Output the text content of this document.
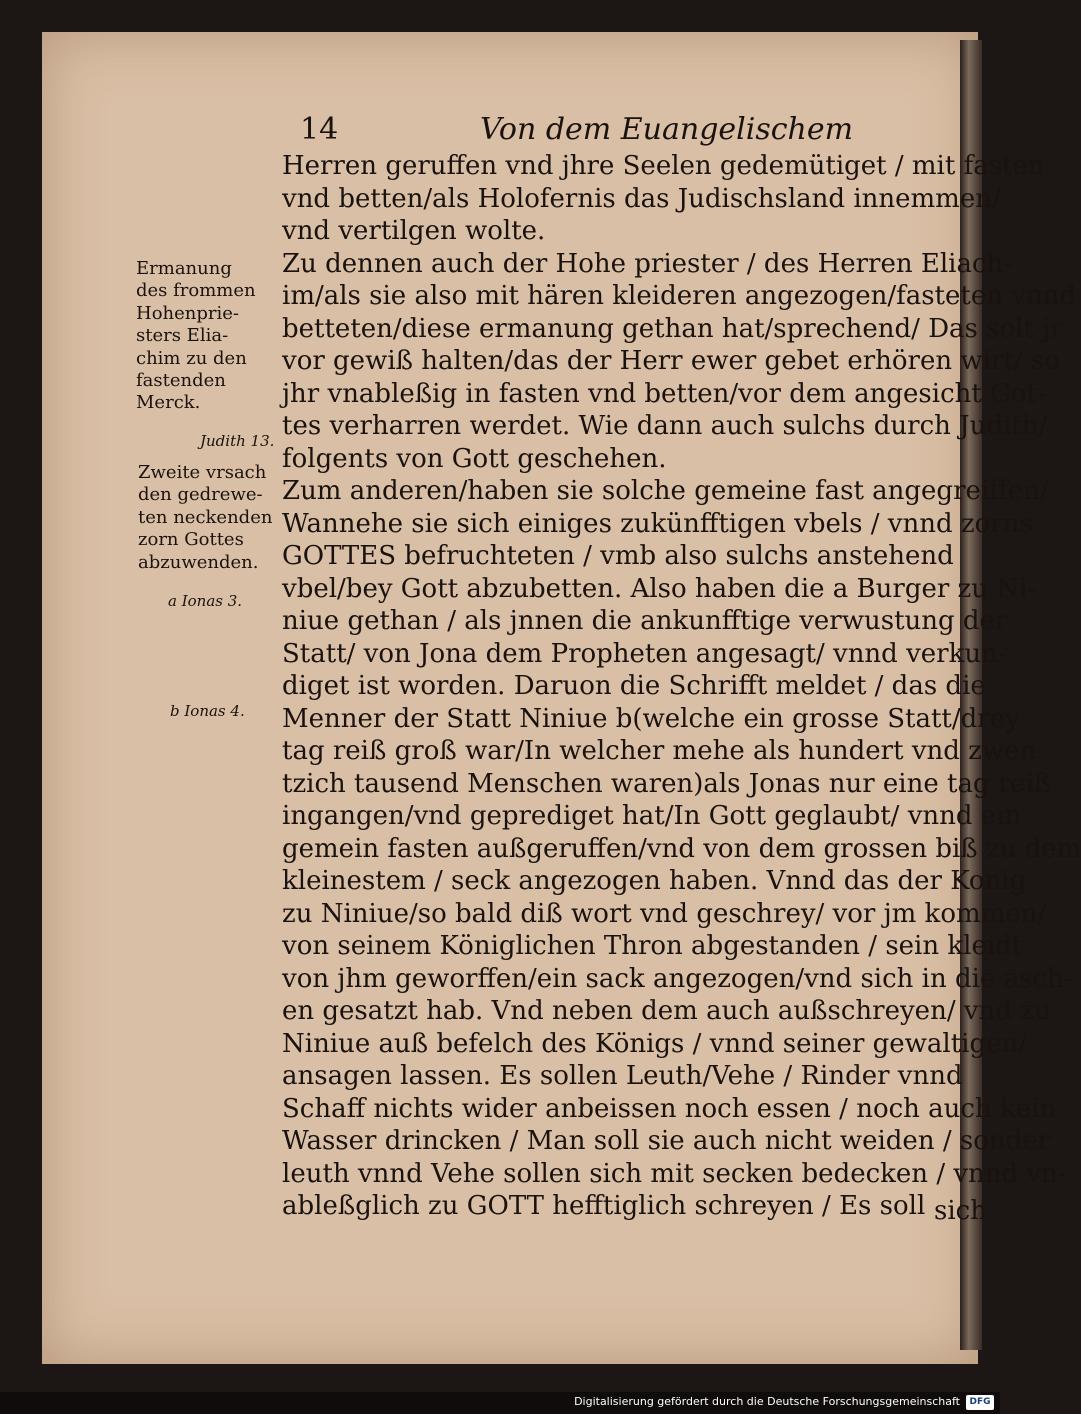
14	Von dem Euangelischem
Herren geruffen vnd jhre Seelen gedemütiget / mit fasten
vnd betten/als Holofernis das Judischsland innemmen/
vnd vertilgen wolte.
Zu dennen auch der Hohe priester / des Herren Eliach-
im/als sie also mit hären kleideren angezogen/fasteten vnnd
betteten/diese ermanung gethan hat/sprechend/ Das solt jr
vor gewiß halten/das der Herr ewer gebet erhören wirt/ so
jhr vnableßig in fasten vnd betten/vor dem angesicht Got-
tes verharren werdet. Wie dann auch sulchs durch Judith/
folgents von Gott geschehen.
Zum anderen/haben sie solche gemeine fast angegreiffen/
Wannehe sie sich einiges zukünfftigen vbels / vnnd zorns
GOTTES befruchteten / vmb also sulchs anstehend
vbel/bey Gott abzubetten. Also haben die a Burger zu Ni-
niue gethan / als jnnen die ankunfftige verwustung der
Statt/ von Jona dem Propheten angesagt/ vnnd verkun-
diget ist worden. Daruon die Schrifft meldet / das die
Menner der Statt Niniue b(welche ein grosse Statt/drey
tag reiß groß war/In welcher mehe als hundert vnd zwen-
tzich tausend Menschen waren)als Jonas nur eine tag reiß
ingangen/vnd geprediget hat/In Gott geglaubt/ vnnd ein
gemein fasten außgeruffen/vnd von dem grossen biß zu dem
kleinestem / seck angezogen haben. Vnnd das der Konig
zu Niniue/so bald diß wort vnd geschrey/ vor jm kommen/
von seinem Königlichen Thron abgestanden / sein kleidt
von jhm geworffen/ein sack angezogen/vnd sich in die asch-
en gesatzt hab. Vnd neben dem auch außschreyen/ vnd zu
Niniue auß befelch des Königs / vnnd seiner gewaltigen/
ansagen lassen. Es sollen Leuth/Vehe / Rinder vnnd
Schaff nichts wider anbeissen noch essen / noch auch kein
Wasser drincken / Man soll sie auch nicht weiden / sonder
leuth vnnd Vehe sollen sich mit secken bedecken / vnnd vn-
ableßglich zu GOTT hefftiglich schreyen / Es soll
Ermanung
des frommen
Hohenprie-
sters Elia-
chim zu den
fastenden
Merck.
Judith 13.
Zweite vrsach
den gedrewe-
ten neckenden
zorn Gottes
abzuwenden.
a Ionas 3.
b Ionas 4.
sich
Digitalisierung gefördert durch die Deutsche Forschungsgemeinschaft	DFG
